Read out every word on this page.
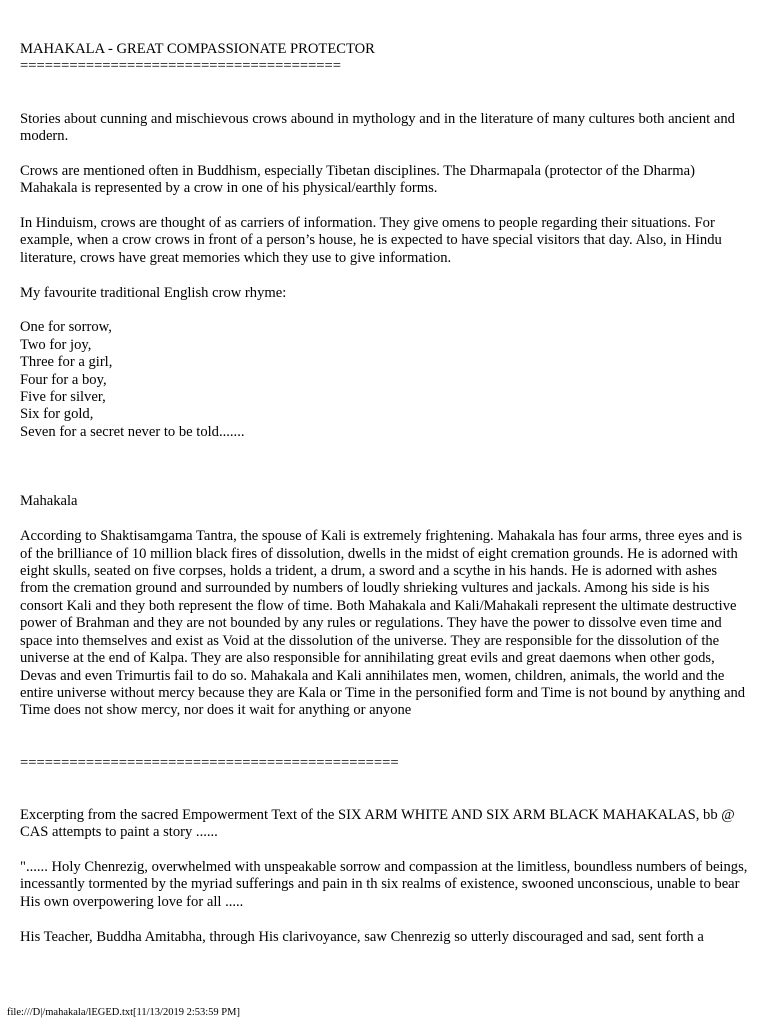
MAHAKALA - GREAT COMPASSIONATE PROTECTOR

=======================================

Stories about cunning and mischievous crows abound in mythology and in the literature of many cultures both ancient and modern.

Crows are mentioned often in Buddhism, especially Tibetan disciplines. The Dharmapala (protector of the Dharma) Mahakala is represented by a crow in one of his physical/earthly forms.

In Hinduism, crows are thought of as carriers of information. They give omens to people regarding their situations. For example, when a crow crows in front of a person’s house, he is expected to have special visitors that day. Also, in Hindu literature, crows have great memories which they use to give information.

My favourite traditional English crow rhyme:

One for sorrow,

Two for joy,

Three for a girl,

Four for a boy,

Five for silver,

Six for gold,

Seven for a secret never to be told.......

Mahakala

According to Shaktisamgama Tantra, the spouse of Kali is extremely frightening. Mahakala has four arms, three eyes and is of the brilliance of 10 million black fires of dissolution, dwells in the midst of eight cremation grounds. He is adorned with eight skulls, seated on five corpses, holds a trident, a drum, a sword and a scythe in his hands. He is adorned with ashes from the cremation ground and surrounded by numbers of loudly shrieking vultures and jackals. Among his side is his consort Kali and they both represent the flow of time. Both Mahakala and Kali/Mahakali represent the ultimate destructive power of Brahman and they are not bounded by any rules or regulations. They have the power to dissolve even time and space into themselves and exist as Void at the dissolution of the universe. They are responsible for the dissolution of the universe at the end of Kalpa. They are also responsible for annihilating great evils and great daemons when other gods, Devas and even Trimurtis fail to do so. Mahakala and Kali annihilates men, women, children, animals, the world and the entire universe without mercy because they are Kala or Time in the personified form and Time is not bound by anything and Time does not show mercy, nor does it wait for anything or anyone

==============================================

Excerpting from the sacred Empowerment Text of the SIX ARM WHITE AND SIX ARM BLACK MAHAKALAS, bb @ CAS attempts to paint a story ......

"...... Holy Chenrezig, overwhelmed with unspeakable sorrow and compassion at the limitless, boundless numbers of beings, incessantly tormented by the myriad sufferings and pain in th six realms of existence, swooned unconscious, unable to bear His own overpowering love for all .....

His Teacher, Buddha Amitabha, through His clarivoyance, saw Chenrezig so utterly discouraged and sad, sent forth a

file:///D|/mahakala/lEGED.txt[11/13/2019 2:53:59 PM]
